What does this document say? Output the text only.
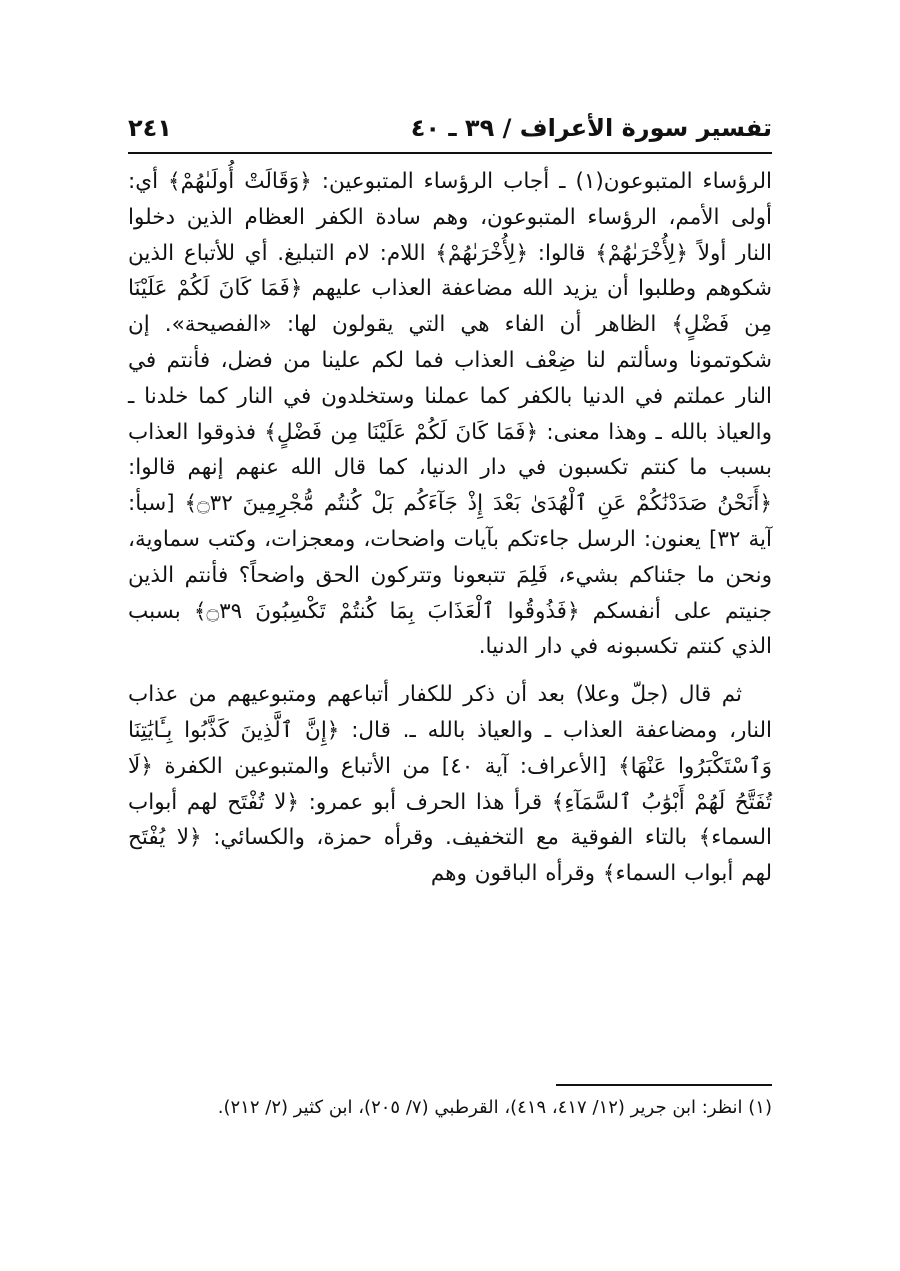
تفسير سورة الأعراف / ٣٩ ـ ٤٠
٢٤١

الرؤساء المتبوعون(١) ـ أجاب الرؤساء المتبوعين: ﴿وَقَالَتْ أُولَىٰهُمْ﴾ أي: أولى الأمم، الرؤساء المتبوعون، وهم سادة الكفر العظام الذين دخلوا النار أولاً ﴿لِأُخْرَىٰهُمْ﴾ قالوا: ﴿لِأُخْرَىٰهُمْ﴾ اللام: لام التبليغ. أي للأتباع الذين شكوهم وطلبوا أن يزيد الله مضاعفة العذاب عليهم ﴿فَمَا كَانَ لَكُمْ عَلَيْنَا مِن فَضْلٍ﴾ الظاهر أن الفاء هي التي يقولون لها: «الفصيحة». إن شكوتمونا وسألتم لنا ضِعْف العذاب فما لكم علينا من فضل، فأنتم في النار عملتم في الدنيا بالكفر كما عملنا وستخلدون في النار كما خلدنا ـ والعياذ بالله ـ وهذا معنى: ﴿فَمَا كَانَ لَكُمْ عَلَيْنَا مِن فَضْلٍ﴾ فذوقوا العذاب بسبب ما كنتم تكسبون في دار الدنيا، كما قال الله عنهم إنهم قالوا: ﴿أَنَحْنُ صَدَدْنَٰكُمْ عَنِ ٱلْهُدَىٰ بَعْدَ إِذْ جَآءَكُم بَلْ كُنتُم مُّجْرِمِينَ ۝٣٢﴾ [سبأ: آية ٣٢] يعنون: الرسل جاءتكم بآيات واضحات، ومعجزات، وكتب سماوية، ونحن ما جئناكم بشيء، فَلِمَ تتبعونا وتتركون الحق واضحاً؟ فأنتم الذين جنيتم على أنفسكم ﴿فَذُوقُوا ٱلْعَذَابَ بِمَا كُنتُمْ تَكْسِبُونَ ۝٣٩﴾ بسبب الذي كنتم تكسبونه في دار الدنيا.

ثم قال (جلّ وعلا) بعد أن ذكر للكفار أتباعهم ومتبوعيهم من عذاب النار، ومضاعفة العذاب ـ والعياذ بالله ـ. قال: ﴿إِنَّ ٱلَّذِينَ كَذَّبُوا بِـَٔايَٰتِنَا وَٱسْتَكْبَرُوا عَنْهَا﴾ [الأعراف: آية ٤٠] من الأتباع والمتبوعين الكفرة ﴿لَا تُفَتَّحُ لَهُمْ أَبْوَٰبُ ٱلسَّمَآءِ﴾ قرأ هذا الحرف أبو عمرو: ﴿لا تُفْتَح لهم أبواب السماء﴾ بالتاء الفوقية مع التخفيف. وقرأه حمزة، والكسائي: ﴿لا يُفْتَح لهم أبواب السماء﴾ وقرأه الباقون وهم

(١) انظر: ابن جرير (١٢/ ٤١٧، ٤١٩)، القرطبي (٧/ ٢٠٥)، ابن كثير (٢/ ٢١٢).
